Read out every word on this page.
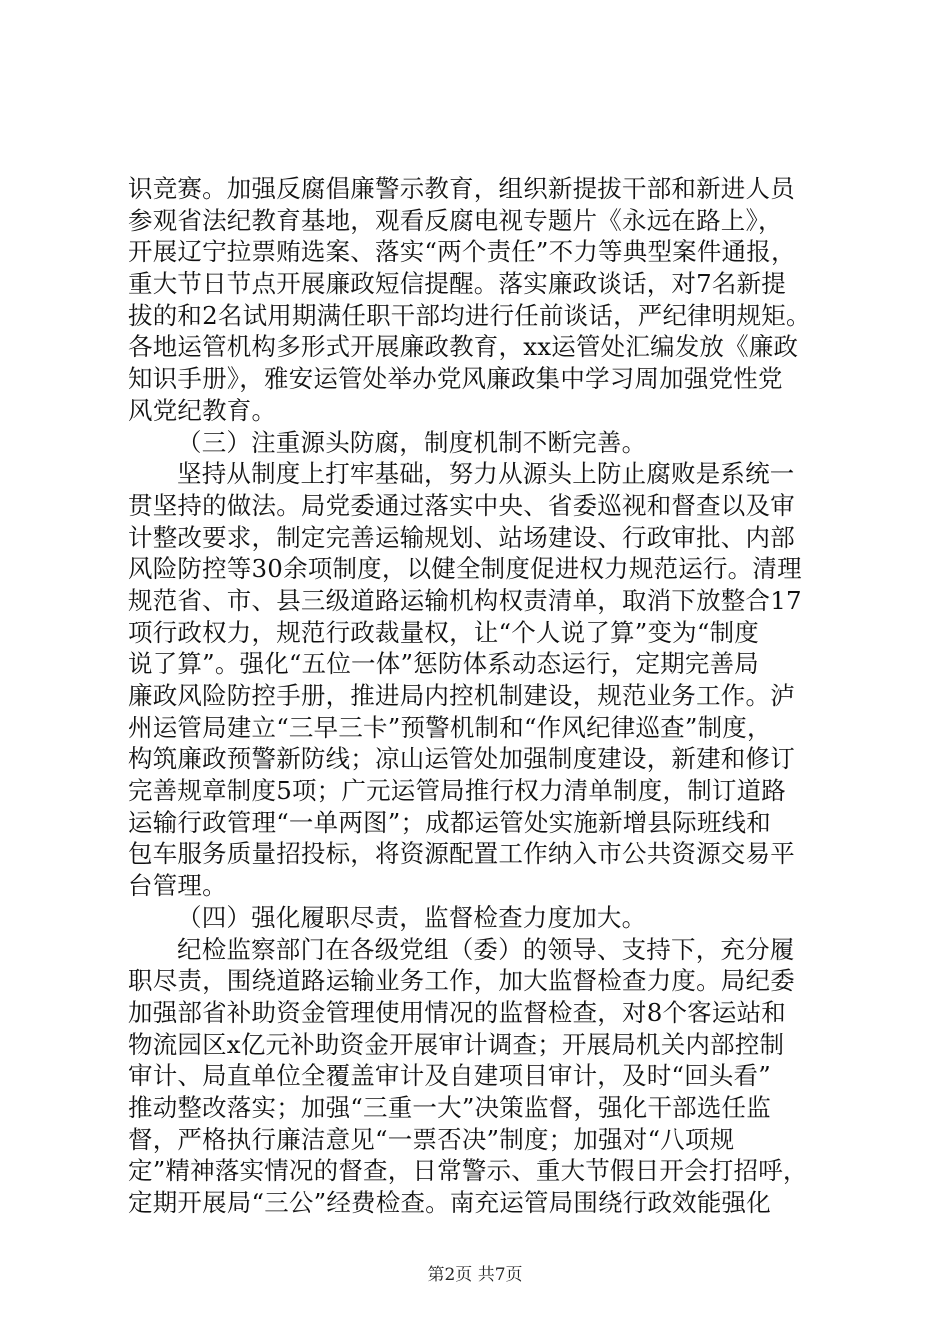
识竞赛。加强反腐倡廉警示教育，组织新提拔干部和新进人员
参观省法纪教育基地，观看反腐电视专题片《永远在路上》，
开展辽宁拉票贿选案、落实“两个责任”不力等典型案件通报，
重大节日节点开展廉政短信提醒。落实廉政谈话，对7名新提
拔的和2名试用期满任职干部均进行任前谈话，严纪律明规矩。
各地运管机构多形式开展廉政教育，xx运管处汇编发放《廉政
知识手册》，雅安运管处举办党风廉政集中学习周加强党性党
风党纪教育。
（三）注重源头防腐，制度机制不断完善。
坚持从制度上打牢基础，努力从源头上防止腐败是系统一
贯坚持的做法。局党委通过落实中央、省委巡视和督查以及审
计整改要求，制定完善运输规划、站场建设、行政审批、内部
风险防控等30余项制度，以健全制度促进权力规范运行。清理
规范省、市、县三级道路运输机构权责清单，取消下放整合17
项行政权力，规范行政裁量权，让“个人说了算”变为“制度
说了算”。强化“五位一体”惩防体系动态运行，定期完善局
廉政风险防控手册，推进局内控机制建设，规范业务工作。泸
州运管局建立“三早三卡”预警机制和“作风纪律巡查”制度，
构筑廉政预警新防线；凉山运管处加强制度建设，新建和修订
完善规章制度5项；广元运管局推行权力清单制度，制订道路
运输行政管理“一单两图”；成都运管处实施新增县际班线和
包车服务质量招投标，将资源配置工作纳入市公共资源交易平
台管理。
（四）强化履职尽责，监督检查力度加大。
纪检监察部门在各级党组（委）的领导、支持下，充分履
职尽责，围绕道路运输业务工作，加大监督检查力度。局纪委
加强部省补助资金管理使用情况的监督检查，对8个客运站和
物流园区x亿元补助资金开展审计调查；开展局机关内部控制
审计、局直单位全覆盖审计及自建项目审计，及时“回头看”
推动整改落实；加强“三重一大”决策监督，强化干部选任监
督，严格执行廉洁意见“一票否决”制度；加强对“八项规
定”精神落实情况的督查，日常警示、重大节假日开会打招呼，
定期开展局“三公”经费检查。南充运管局围绕行政效能强化
第2页 共7页
